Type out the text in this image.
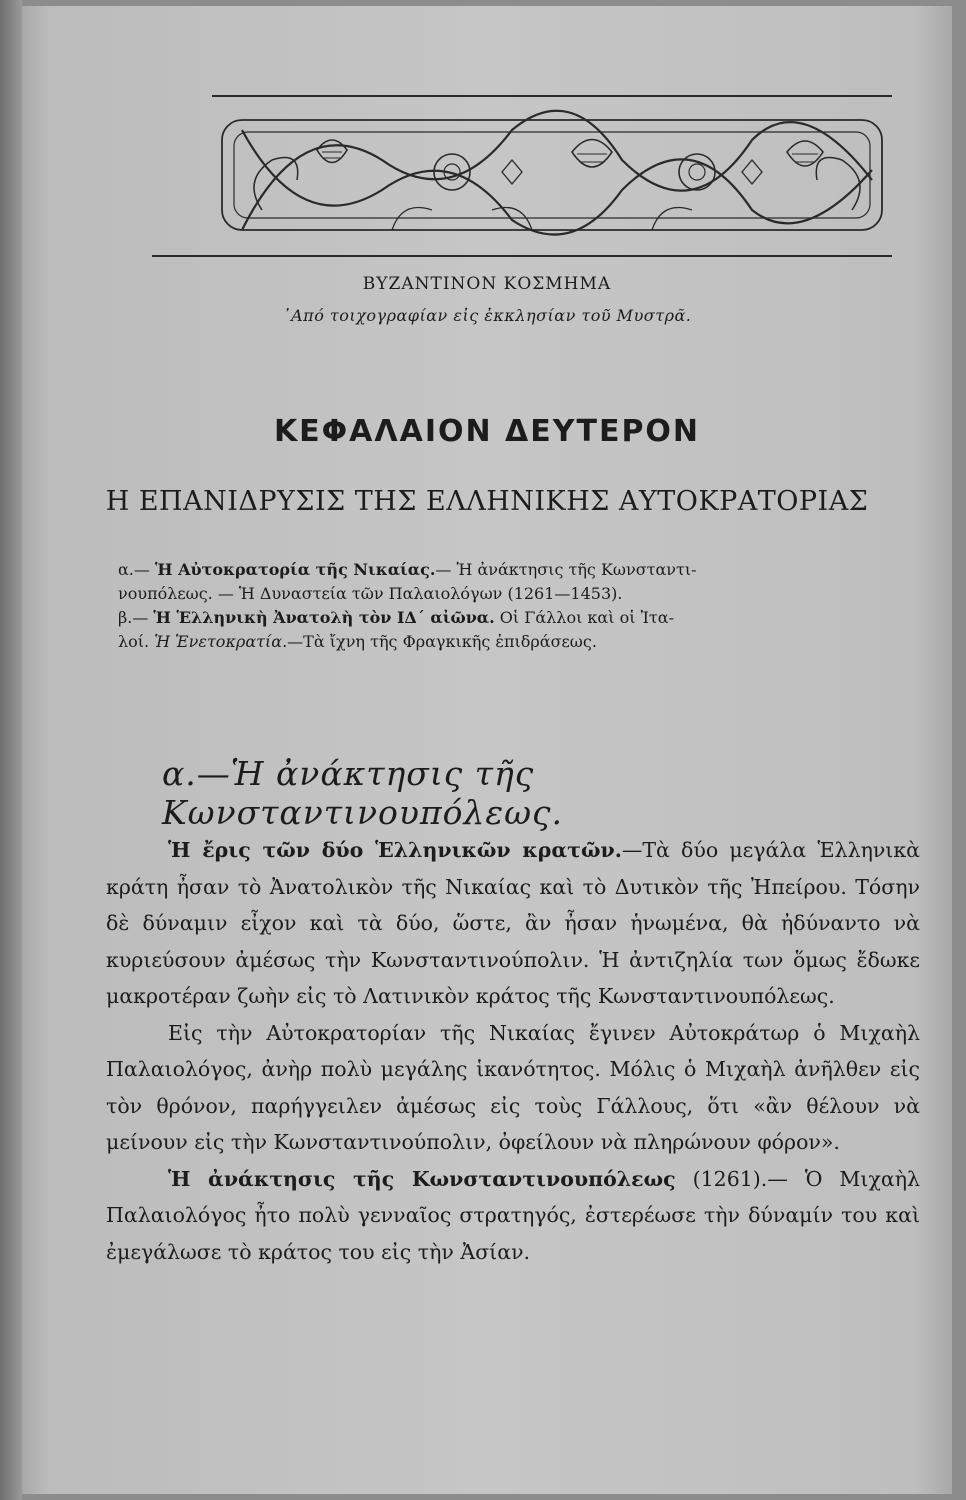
ΒΥΖΑΝΤΙΝΟΝ ΚΟΣΜΗΜΑ
᾿Από τοιχογραφίαν εἰς ἐκκλησίαν τοῦ Μυστρᾶ.
ΚΕΦΑΛΑΙΟΝ ΔΕΥΤΕΡΟΝ
Η ΕΠΑΝΙΔΡΥΣΙΣ ΤΗΣ ΕΛΛΗΝΙΚΗΣ ΑΥΤΟΚΡΑΤΟΡΙΑΣ

α.— Ἡ Αὐτοκρατορία τῆς Νικαίας.— Ἡ ἀνάκτησις τῆς Κωνσταντι-
νουπόλεως. — Ἡ Δυναστεία τῶν Παλαιολόγων (1261—1453).

β.— Ἡ Ἑλληνικὴ Ἀνατολὴ τὸν ΙΔ΄ αἰῶνα. Οἱ Γάλλοι καὶ οἱ Ἰτα-
λοί. Ἡ Ἑνετοκρατία.—Τὰ ἴχνη τῆς Φραγκικῆς ἐπιδράσεως.

α.—Ἡ ἀνάκτησις τῆς Κωνσταντινουπόλεως.

Ἡ ἔρις τῶν δύο Ἑλληνικῶν κρατῶν.—Τὰ δύο μεγάλα Ἑλληνικὰ κράτη ἦσαν τὸ Ἀνατολικὸν τῆς Νικαίας καὶ τὸ Δυτικὸν τῆς Ἠπείρου. Τόσην δὲ δύναμιν εἶχον καὶ τὰ δύο, ὥστε, ἂν ἦσαν ἡνωμένα, θὰ ἠδύναντο νὰ κυριεύσουν ἀμέσως τὴν Κωνσταντινούπολιν. Ἡ ἀντιζηλία των ὅμως ἔδωκε μακροτέραν ζωὴν εἰς τὸ Λατινικὸν κράτος τῆς Κωνσταντινουπόλεως.

Εἰς τὴν Αὐτοκρατορίαν τῆς Νικαίας ἔγινεν Αὐτοκράτωρ ὁ Μιχαὴλ Παλαιολόγος, ἀνὴρ πολὺ μεγάλης ἱκανότητος. Μόλις ὁ Μιχαὴλ ἀνῆλθεν εἰς τὸν θρόνον, παρήγγειλεν ἀμέσως εἰς τοὺς Γάλλους, ὅτι «ἂν θέλουν νὰ μείνουν εἰς τὴν Κωνσταντινούπολιν, ὀφείλουν νὰ πληρώνουν φόρον».

Ἡ ἀνάκτησις τῆς Κωνσταντινουπόλεως (1261).— Ὁ Μιχαὴλ Παλαιολόγος ἦτο πολὺ γενναῖος στρατηγός, ἐστερέωσε τὴν δύναμίν του καὶ ἐμεγάλωσε τὸ κράτος του εἰς τὴν Ἀσίαν.
